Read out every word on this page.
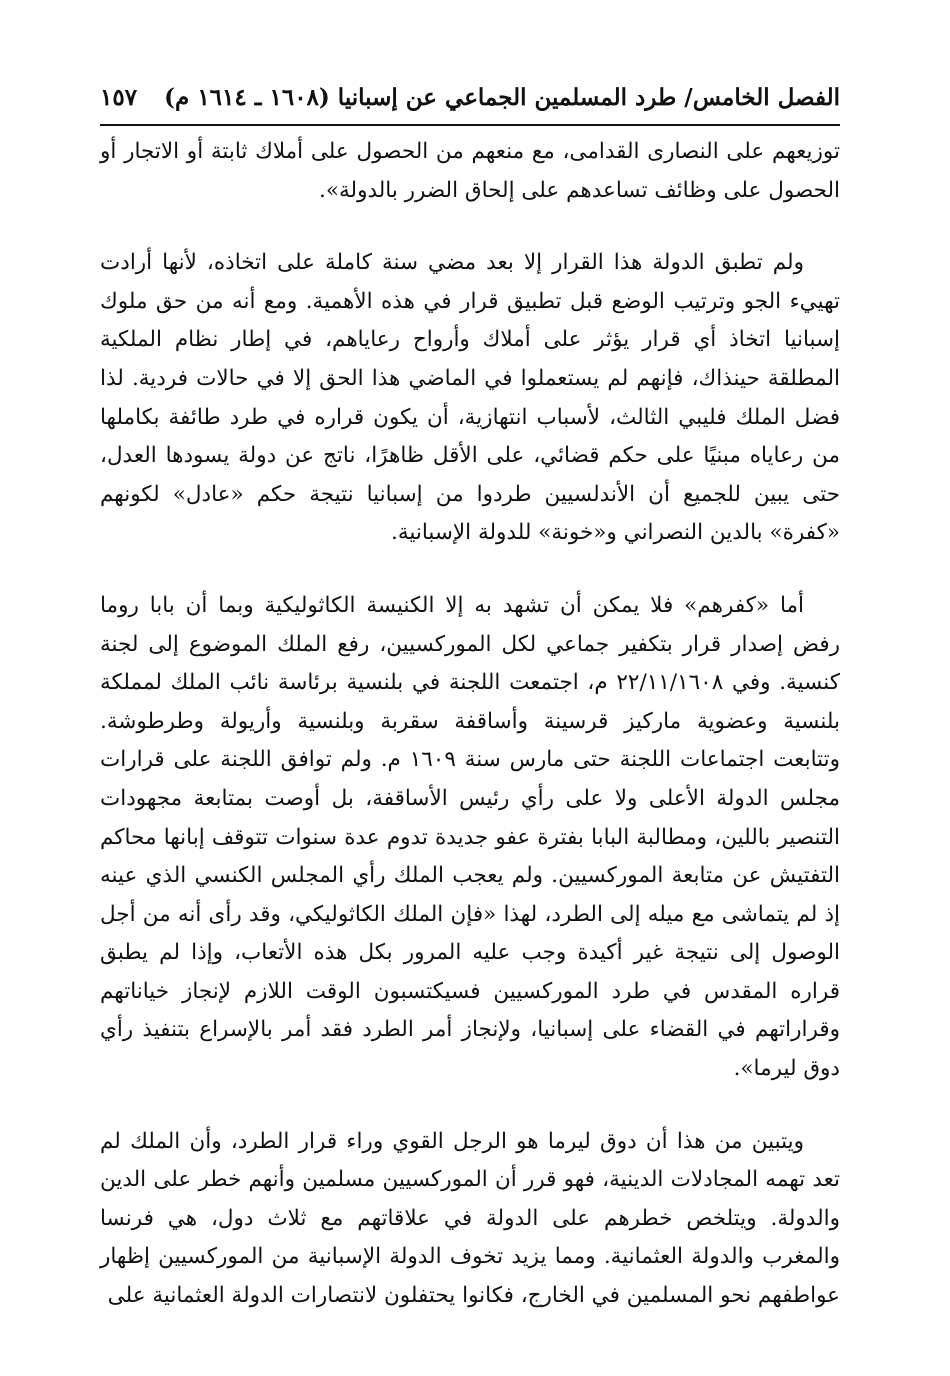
الفصل الخامس/ طرد المسلمين الجماعي عن إسبانيا (١٦٠٨ ـ ١٦١٤ م)
١٥٧

توزيعهم على النصارى القدامى، مع منعهم من الحصول على أملاك ثابتة أو الاتجار أو الحصول على وظائف تساعدهم على إلحاق الضرر بالدولة».

ولم تطبق الدولة هذا القرار إلا بعد مضي سنة كاملة على اتخاذه، لأنها أرادت تهييء الجو وترتيب الوضع قبل تطبيق قرار في هذه الأهمية. ومع أنه من حق ملوك إسبانيا اتخاذ أي قرار يؤثر على أملاك وأرواح رعاياهم، في إطار نظام الملكية المطلقة حينذاك، فإنهم لم يستعملوا في الماضي هذا الحق إلا في حالات فردية. لذا فضل الملك فليبي الثالث، لأسباب انتهازية، أن يكون قراره في طرد طائفة بكاملها من رعاياه مبنيًا على حكم قضائي، على الأقل ظاهرًا، ناتج عن دولة يسودها العدل، حتى يبين للجميع أن الأندلسيين طردوا من إسبانيا نتيجة حكم «عادل» لكونهم «كفرة» بالدين النصراني و«خونة» للدولة الإسبانية.

أما «كفرهم» فلا يمكن أن تشهد به إلا الكنيسة الكاثوليكية وبما أن بابا روما رفض إصدار قرار بتكفير جماعي لكل الموركسيين، رفع الملك الموضوع إلى لجنة كنسية. وفي ٢٢/١١/١٦٠٨ م، اجتمعت اللجنة في بلنسية برئاسة نائب الملك لمملكة بلنسية وعضوية ماركيز قرسينة وأساقفة سقربة وبلنسية وأريولة وطرطوشة. وتتابعت اجتماعات اللجنة حتى مارس سنة ١٦٠٩ م. ولم توافق اللجنة على قرارات مجلس الدولة الأعلى ولا على رأي رئيس الأساقفة، بل أوصت بمتابعة مجهودات التنصير باللين، ومطالبة البابا بفترة عفو جديدة تدوم عدة سنوات تتوقف إبانها محاكم التفتيش عن متابعة الموركسيين. ولم يعجب الملك رأي المجلس الكنسي الذي عينه إذ لم يتماشى مع ميله إلى الطرد، لهذا «فإن الملك الكاثوليكي، وقد رأى أنه من أجل الوصول إلى نتيجة غير أكيدة وجب عليه المرور بكل هذه الأتعاب، وإذا لم يطبق قراره المقدس في طرد الموركسيين فسيكتسبون الوقت اللازم لإنجاز خياناتهم وقراراتهم في القضاء على إسبانيا، ولإنجاز أمر الطرد فقد أمر بالإسراع بتنفيذ رأي دوق ليرما».

ويتبين من هذا أن دوق ليرما هو الرجل القوي وراء قرار الطرد، وأن الملك لم تعد تهمه المجادلات الدينية، فهو قرر أن الموركسيين مسلمين وأنهم خطر على الدين والدولة. ويتلخص خطرهم على الدولة في علاقاتهم مع ثلاث دول، هي فرنسا والمغرب والدولة العثمانية. ومما يزيد تخوف الدولة الإسبانية من الموركسيين إظهار عواطفهم نحو المسلمين في الخارج، فكانوا يحتفلون لانتصارات الدولة العثمانية على
